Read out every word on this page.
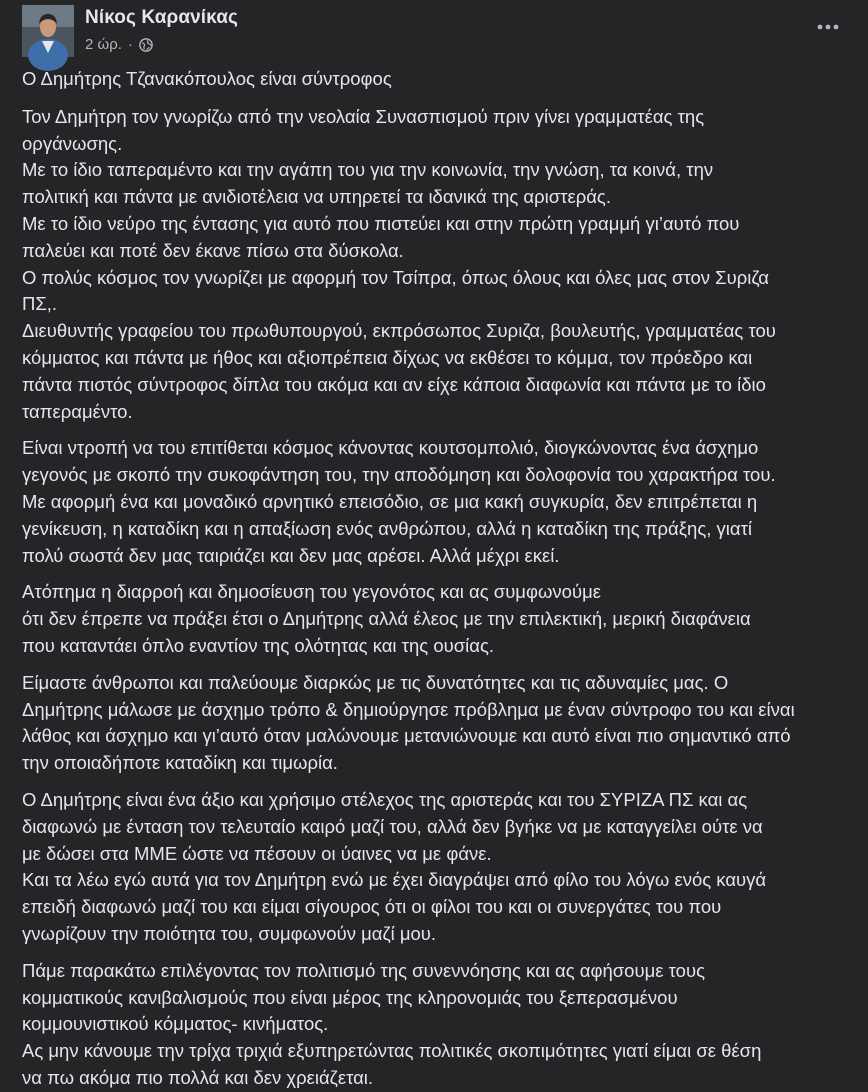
Νίκος Καρανίκας
2 ώρ. ·

Ο Δημήτρης Τζανακόπουλος είναι σύντροφος

Τον Δημήτρη τον γνωρίζω από την νεολαία Συνασπισμού πριν γίνει γραμματέας της
οργάνωσης.
Με το ίδιο ταπεραμέντο και την αγάπη του για την κοινωνία, την γνώση, τα κοινά, την
πολιτική και πάντα με ανιδιοτέλεια να υπηρετεί τα ιδανικά της αριστεράς.
Με το ίδιο νεύρο της έντασης για αυτό που πιστεύει και στην πρώτη γραμμή γι’αυτό που
παλεύει και ποτέ δεν έκανε πίσω στα δύσκολα.
Ο πολύς κόσμος τον γνωρίζει με αφορμή τον Τσίπρα, όπως όλους και όλες μας στον Συριζα
ΠΣ,.
Διευθυντής γραφείου του πρωθυπουργού, εκπρόσωπος Συριζα, βουλευτής, γραμματέας του
κόμματος και πάντα με ήθος και αξιοπρέπεια δίχως να εκθέσει το κόμμα, τον πρόεδρο και
πάντα πιστός σύντροφος δίπλα του ακόμα και αν είχε κάποια διαφωνία και πάντα με το ίδιο
ταπεραμέντο.

Είναι ντροπή να του επιτίθεται κόσμος κάνοντας κουτσομπολιό, διογκώνοντας ένα άσχημο
γεγονός με σκοπό την συκοφάντηση του, την αποδόμηση και δολοφονία του χαρακτήρα του.
Με αφορμή ένα και μοναδικό αρνητικό επεισόδιο, σε μια κακή συγκυρία, δεν επιτρέπεται η
γενίκευση, η καταδίκη και η απαξίωση ενός ανθρώπου, αλλά η καταδίκη της πράξης, γιατί
πολύ σωστά δεν μας ταιριάζει και δεν μας αρέσει. Αλλά μέχρι εκεί.

Ατόπημα η διαρροή και δημοσίευση του γεγονότος και ας συμφωνούμε
ότι δεν έπρεπε να πράξει έτσι ο Δημήτρης αλλά έλεος με την επιλεκτική, μερική διαφάνεια
που καταντάει όπλο εναντίον της ολότητας και της ουσίας.

Είμαστε άνθρωποι και παλεύουμε διαρκώς με τις δυνατότητες και τις αδυναμίες μας. Ο
Δημήτρης μάλωσε με άσχημο τρόπο & δημιούργησε πρόβλημα με έναν σύντροφο του και είναι
λάθος και άσχημο και γι’αυτό όταν μαλώνουμε μετανιώνουμε και αυτό είναι πιο σημαντικό από
την οποιαδήποτε καταδίκη και τιμωρία.

Ο Δημήτρης είναι ένα άξιο και χρήσιμο στέλεχος της αριστεράς και του ΣΥΡΙΖΑ ΠΣ και ας
διαφωνώ με ένταση τον τελευταίο καιρό μαζί του, αλλά δεν βγήκε να με καταγγείλει ούτε να
με δώσει στα ΜΜΕ ώστε να πέσουν οι ύαινες να με φάνε.
Και τα λέω εγώ αυτά για τον Δημήτρη ενώ με έχει διαγράψει από φίλο του λόγω ενός καυγά
επειδή διαφωνώ μαζί του και είμαι σίγουρος ότι οι φίλοι του και οι συνεργάτες του που
γνωρίζουν την ποιότητα του, συμφωνούν μαζί μου.

Πάμε παρακάτω επιλέγοντας τον πολιτισμό της συνεννόησης και ας αφήσουμε τους
κομματικούς κανιβαλισμούς που είναι μέρος της κληρονομιάς του ξεπερασμένου
κομμουνιστικού κόμματος- κινήματος.
Ας μην κάνουμε την τρίχα τριχιά εξυπηρετώντας πολιτικές σκοπιμότητες γιατί είμαι σε θέση
να πω ακόμα πιο πολλά και δεν χρειάζεται.
